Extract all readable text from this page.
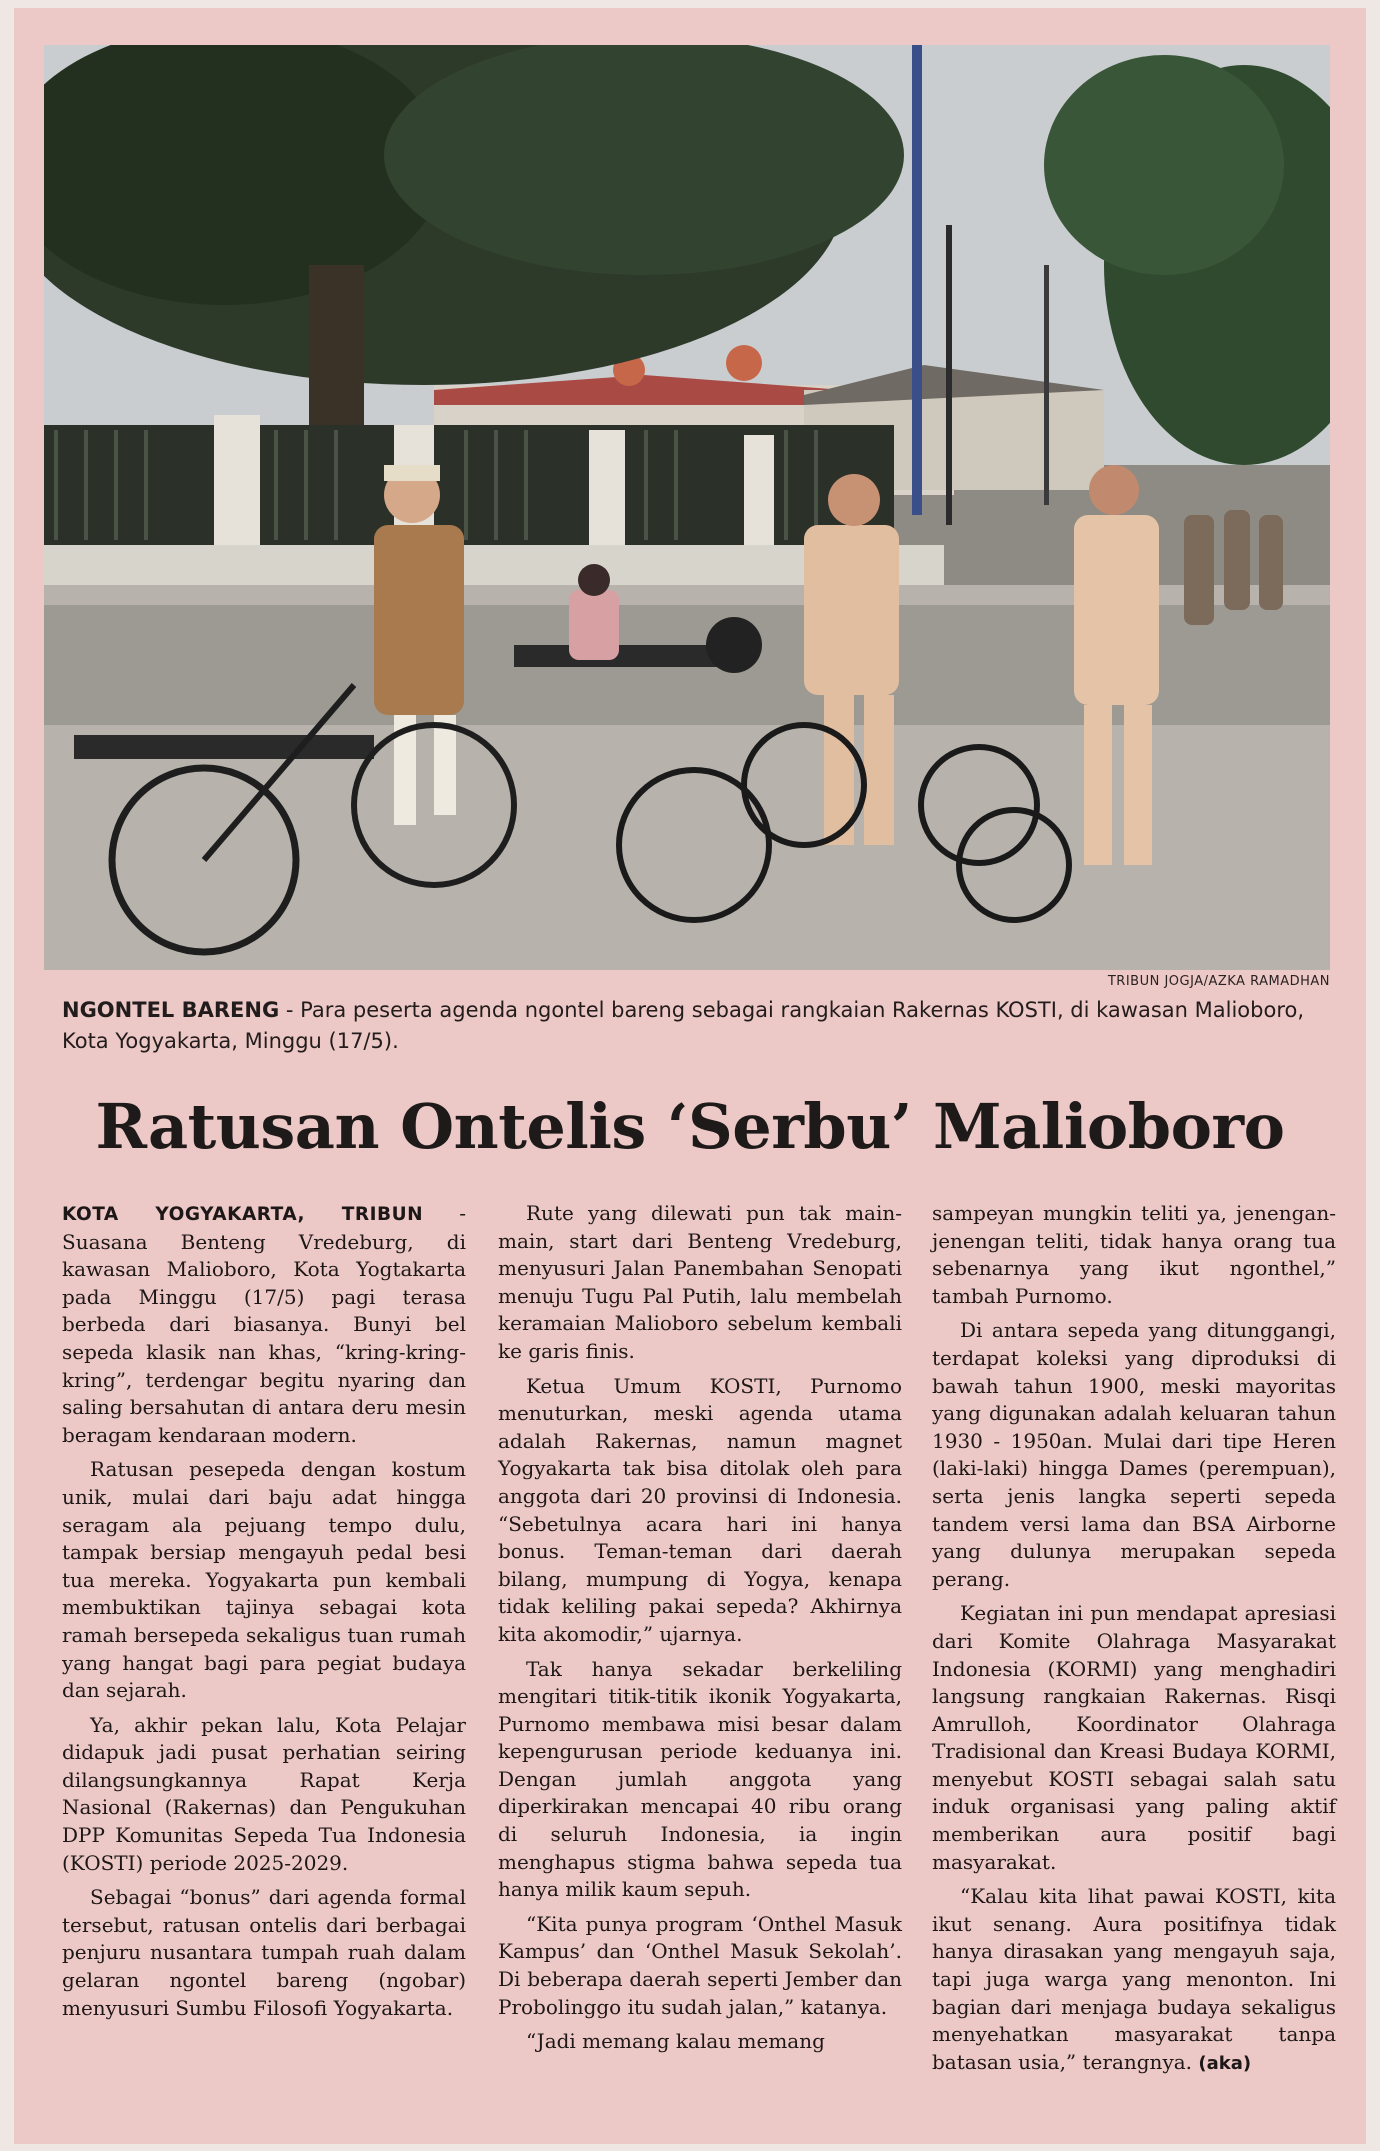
TRIBUN JOGJA/AZKA RAMADHAN
NGONTEL BARENG - Para peserta agenda ngontel bareng sebagai rangkaian Rakernas KOSTI, di kawasan Malioboro, Kota Yogyakarta, Minggu (17/5).
Ratusan Ontelis ‘Serbu’ Malioboro

KOTA YOGYAKARTA, TRIBUN - Suasana Benteng Vredeburg, di kawasan Malioboro, Kota Yogtakarta pada Minggu (17/5) pagi terasa berbeda dari biasanya. Bunyi bel sepeda klasik nan khas, “kring-kring-kring”, terdengar begitu nyaring dan saling bersahutan di antara deru mesin beragam kendaraan modern.

Ratusan pesepeda dengan kostum unik, mulai dari baju adat hingga seragam ala pejuang tempo dulu, tampak bersiap mengayuh pedal besi tua mereka. Yogyakarta pun kembali membuktikan tajinya sebagai kota ramah bersepeda sekaligus tuan rumah yang hangat bagi para pegiat budaya dan sejarah.

Ya, akhir pekan lalu, Kota Pelajar didapuk jadi pusat perhatian seiring dilangsungkannya Rapat Kerja Nasional (Rakernas) dan Pengukuhan DPP Komunitas Sepeda Tua Indonesia (KOSTI) periode 2025-2029.

Sebagai “bonus” dari agenda formal tersebut, ratusan ontelis dari berbagai penjuru nusantara tumpah ruah dalam gelaran ngontel bareng (ngobar) menyusuri Sumbu Filosofi Yogyakarta.

Rute yang dilewati pun tak main-main, start dari Benteng Vredeburg, menyusuri Jalan Panembahan Senopati menuju Tugu Pal Putih, lalu membelah keramaian Malioboro sebelum kembali ke garis finis.

Ketua Umum KOSTI, Purnomo menuturkan, meski agenda utama adalah Rakernas, namun magnet Yogyakarta tak bisa ditolak oleh para anggota dari 20 provinsi di Indonesia. “Sebetulnya acara hari ini hanya bonus. Teman-teman dari daerah bilang, mumpung di Yogya, kenapa tidak keliling pakai sepeda? Akhirnya kita akomodir,” ujarnya.

Tak hanya sekadar berkeliling mengitari titik-titik ikonik Yogyakarta, Purnomo membawa misi besar dalam kepengurusan periode keduanya ini. Dengan jumlah anggota yang diperkirakan mencapai 40 ribu orang di seluruh Indonesia, ia ingin menghapus stigma bahwa sepeda tua hanya milik kaum sepuh.

“Kita punya program ‘Onthel Masuk Kampus’ dan ‘Onthel Masuk Sekolah’. Di beberapa daerah seperti Jember dan Probolinggo itu sudah jalan,” katanya.

“Jadi memang kalau memang

sampeyan mungkin teliti ya, jenengan-jenengan teliti, tidak hanya orang tua sebenarnya yang ikut ngonthel,” tambah Purnomo.

Di antara sepeda yang ditunggangi, terdapat koleksi yang diproduksi di bawah tahun 1900, meski mayoritas yang digunakan adalah keluaran tahun 1930 - 1950an. Mulai dari tipe Heren (laki-laki) hingga Dames (perempuan), serta jenis langka seperti sepeda tandem versi lama dan BSA Airborne yang dulunya merupakan sepeda perang.

Kegiatan ini pun mendapat apresiasi dari Komite Olahraga Masyarakat Indonesia (KORMI) yang menghadiri langsung rangkaian Rakernas. Risqi Amrulloh, Koordinator Olahraga Tradisional dan Kreasi Budaya KORMI, menyebut KOSTI sebagai salah satu induk organisasi yang paling aktif memberikan aura positif bagi masyarakat.

“Kalau kita lihat pawai KOSTI, kita ikut senang. Aura positifnya tidak hanya dirasakan yang mengayuh saja, tapi juga warga yang menonton. Ini bagian dari menjaga budaya sekaligus menyehatkan masyarakat tanpa batasan usia,” terangnya. (aka)
